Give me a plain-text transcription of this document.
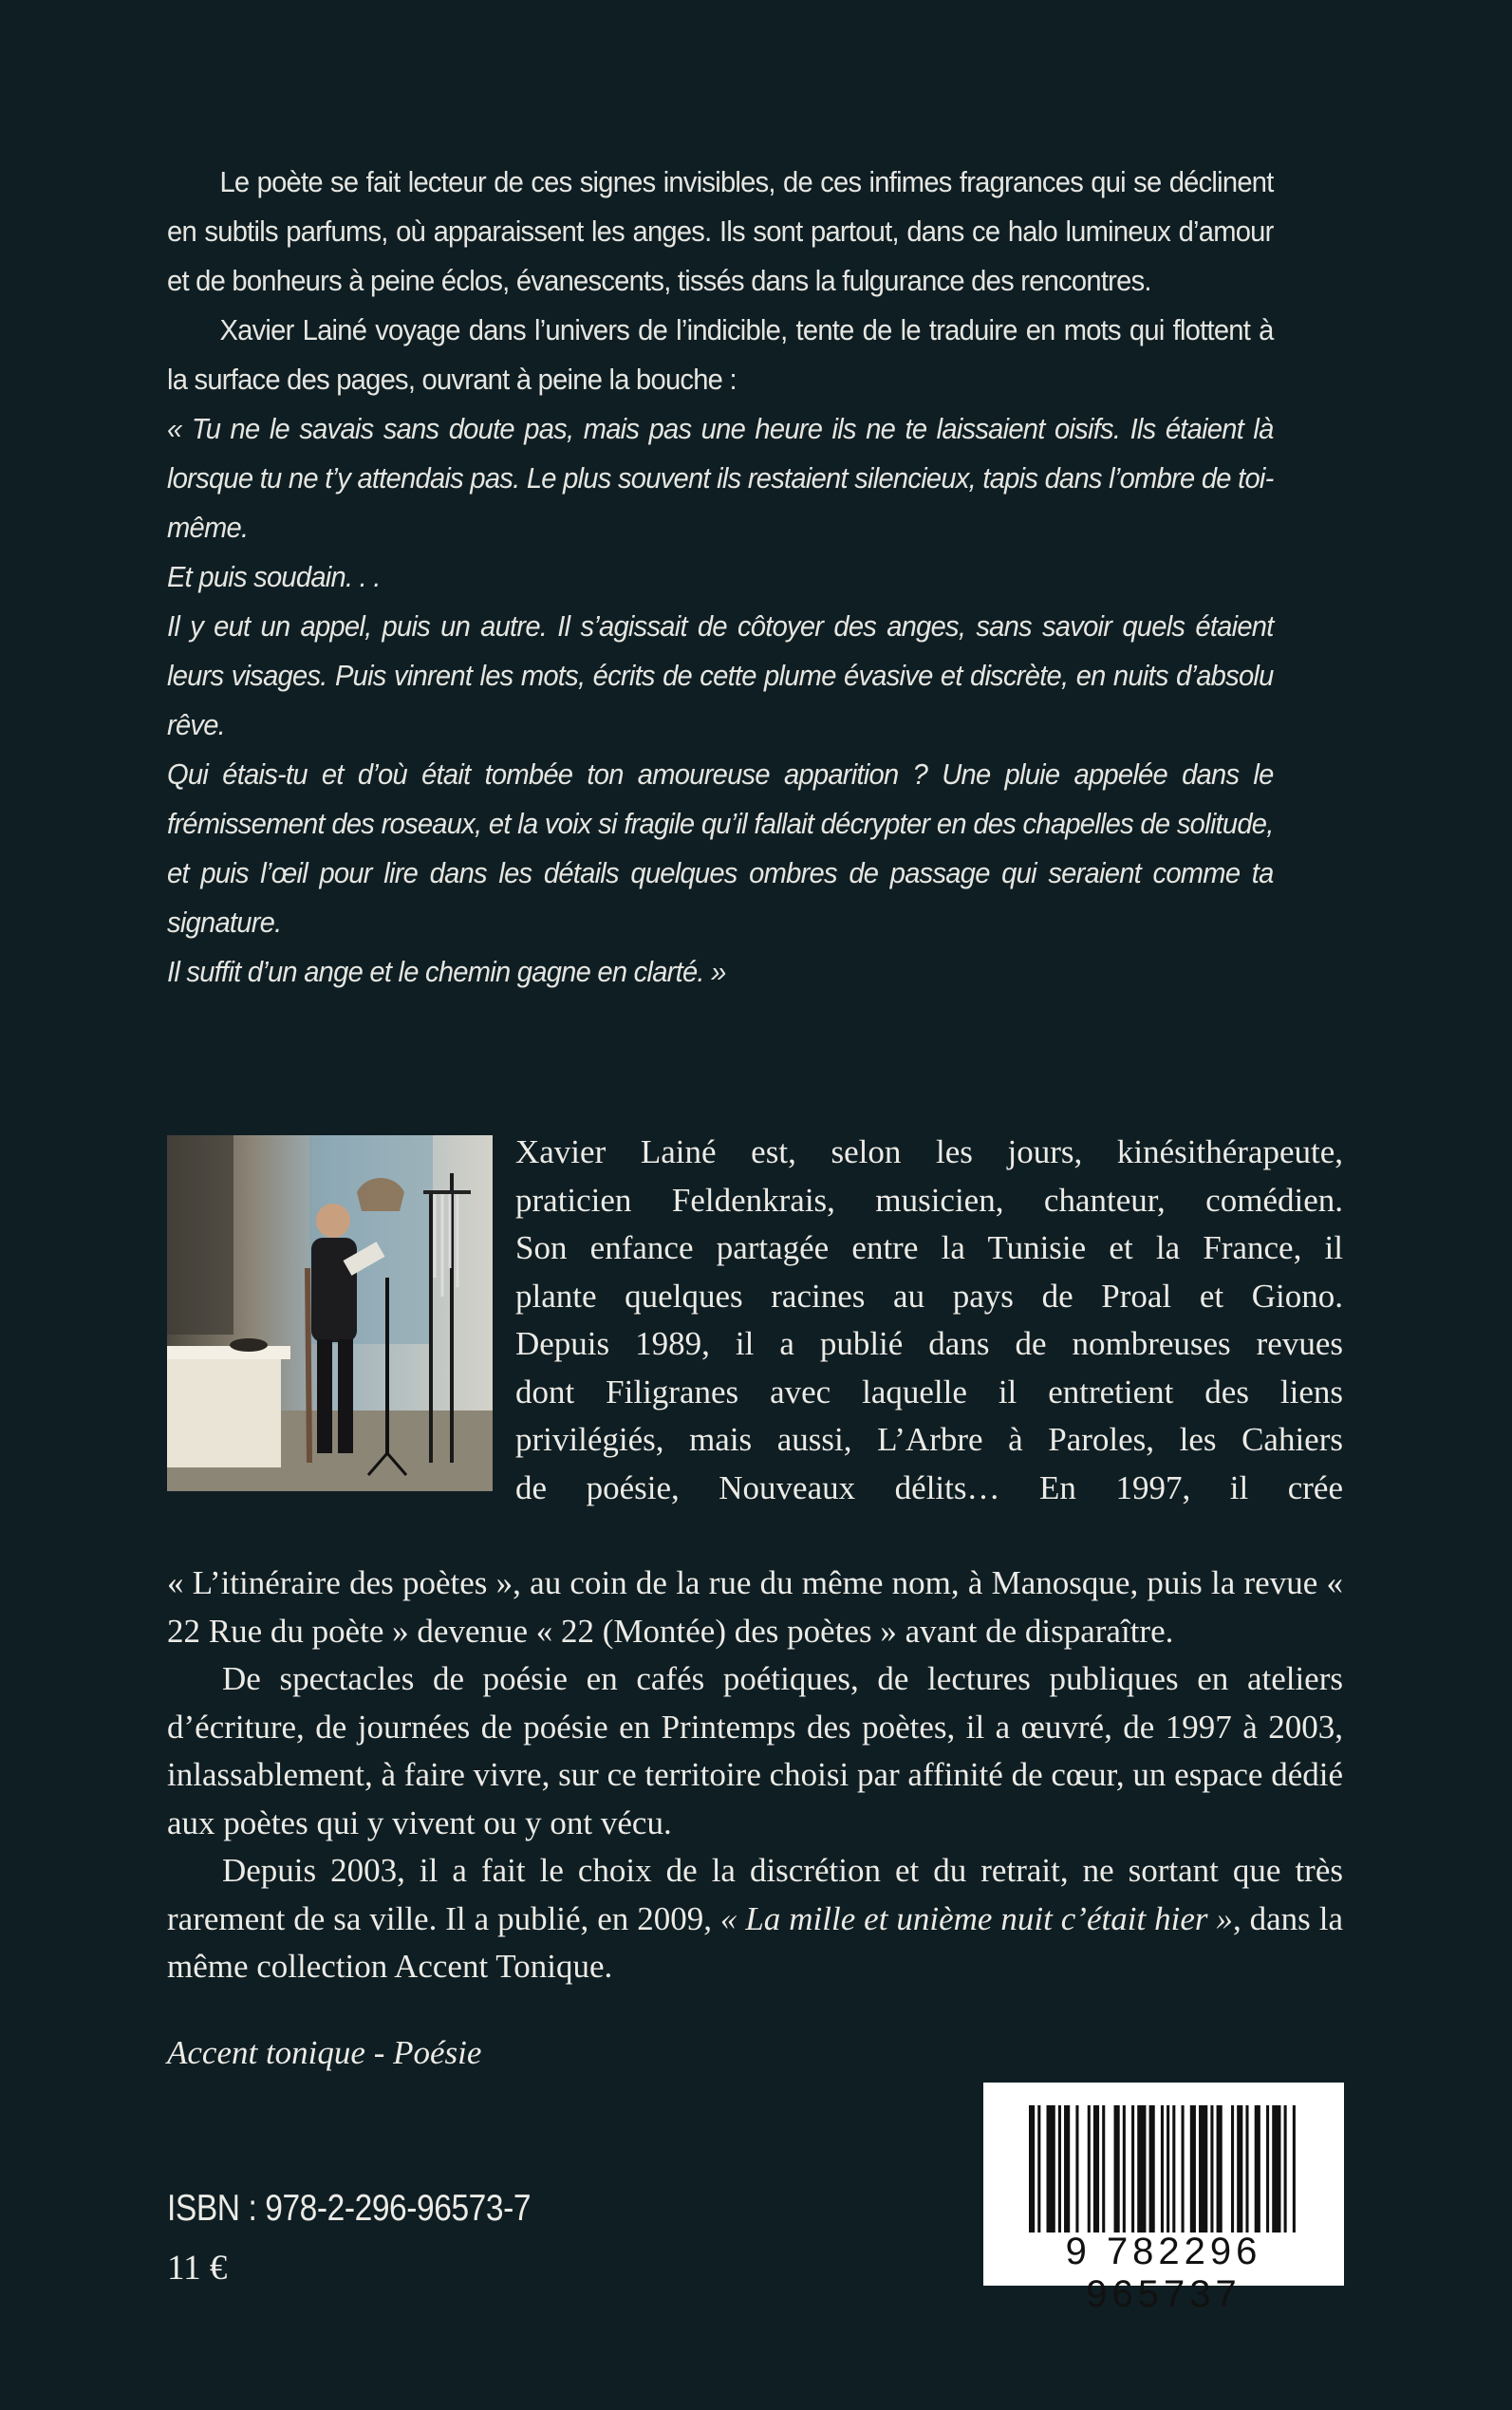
Le poète se fait lecteur de ces signes invisibles, de ces infimes fragrances qui se déclinent en subtils parfums, où apparaissent les anges. Ils sont partout, dans ce halo lumineux d’amour et de bonheurs à peine éclos, évanescents, tissés dans la fulgurance des rencontres.

Xavier Lainé voyage dans l’univers de l’indicible, tente de le traduire en mots qui flottent à la surface des pages, ouvrant à peine la bouche :

« Tu ne le savais sans doute pas, mais pas une heure ils ne te laissaient oisifs. Ils étaient là lorsque tu ne t’y attendais pas. Le plus souvent ils restaient silencieux, tapis dans l’ombre de toi-même.

Et puis soudain. . .

Il y eut un appel, puis un autre. Il s’agissait de côtoyer des anges, sans savoir quels étaient leurs visages. Puis vinrent les mots, écrits de cette plume évasive et discrète, en nuits d’absolu rêve.

Qui étais-tu et d’où était tombée ton amoureuse apparition ? Une pluie appelée dans le frémissement des roseaux, et la voix si fragile qu’il fallait décrypter en des chapelles de solitude, et puis l’œil pour lire dans les détails quelques ombres de passage qui seraient comme ta signature.

Il suffit d’un ange et le chemin gagne en clarté. »

Xavier Lainé est, selon les jours, kinésithérapeute,

praticien Feldenkrais, musicien, chanteur, comédien.

Son enfance partagée entre la Tunisie et la France, il

plante quelques racines au pays de Proal et Giono.

Depuis 1989, il a publié dans de nombreuses revues

dont Filigranes avec laquelle il entretient des liens

privilégiés, mais aussi, L’Arbre à Paroles, les Cahiers

de poésie, Nouveaux délits… En 1997, il crée

« L’itinéraire des poètes », au coin de la rue du même nom, à Manosque, puis la revue « 22 Rue du poète » devenue « 22 (Montée) des poètes » avant de disparaître.

De spectacles de poésie en cafés poétiques, de lectures publiques en ateliers d’écriture, de journées de poésie en Printemps des poètes, il a œuvré, de 1997 à 2003, inlassablement, à faire vivre, sur ce territoire choisi par affinité de cœur, un espace dédié aux poètes qui y vivent ou y ont vécu.

Depuis 2003, il a fait le choix de la discrétion et du retrait, ne sortant que très rarement de sa ville. Il a publié, en 2009, « La mille et unième nuit c’était hier », dans la même collection Accent Tonique.

Accent tonique - Poésie
ISBN : 978-2-296-96573-7
11 €	9 782296 965737
